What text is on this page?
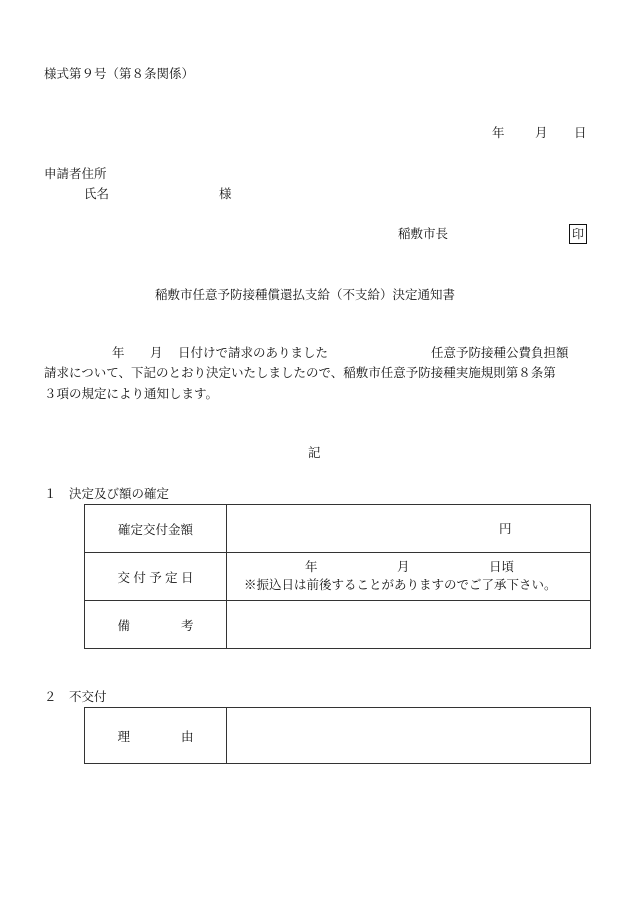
様式第９号（第８条関係）
年 月 日
申請者住所
氏名	様
稲敷市長	印
稲敷市任意予防接種償還払支給（不支給）決定通知書
年 月 日付けで請求のありました	任意予防接種公費負担額
請求について、下記のとおり決定いたしましたので、稲敷市任意予防接種実施規則第８条第
３項の規定により通知します。
記
１　決定及び額の確定
確定交付金額	円

交付予定日	年 月 日頃
※振込日は前後することがありますのでご了承下さい。

備考	
２　不交付
理由	
